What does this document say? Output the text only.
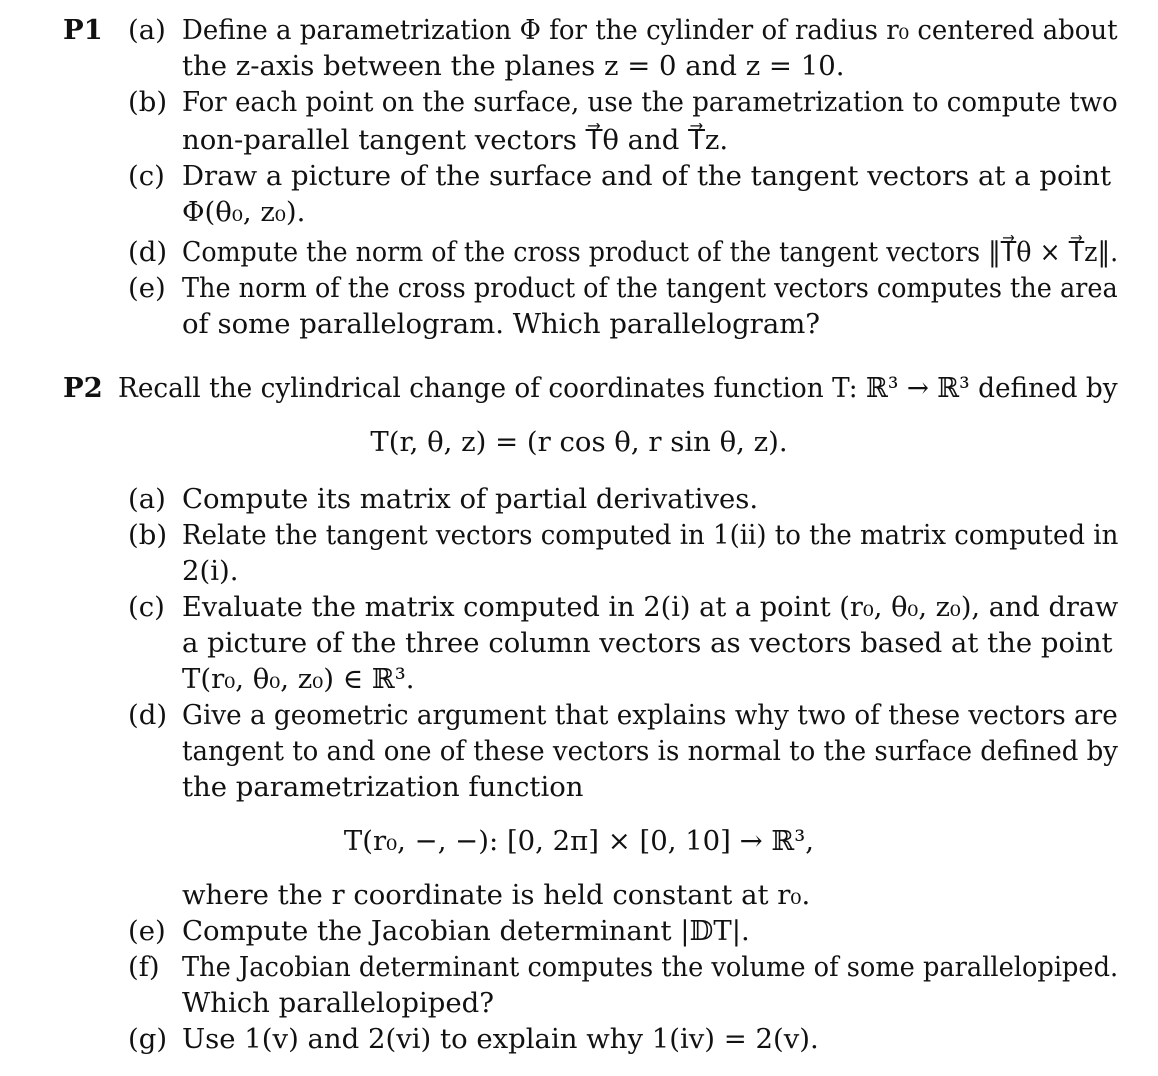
P1 (a) Define a parametrization Φ for the cylinder of radius r₀ centered about
the z-axis between the planes z = 0 and z = 10.
(b) For each point on the surface, use the parametrization to compute two
non-parallel tangent vectors T⃗θ and T⃗z.
(c) Draw a picture of the surface and of the tangent vectors at a point
Φ(θ₀, z₀).
(d) Compute the norm of the cross product of the tangent vectors ‖T⃗θ × T⃗z‖.
(e) The norm of the cross product of the tangent vectors computes the area
of some parallelogram. Which parallelogram?
P2 Recall the cylindrical change of coordinates function T: ℝ³ → ℝ³ defined by
T(r, θ, z) = (r cos θ, r sin θ, z).
(a) Compute its matrix of partial derivatives.
(b) Relate the tangent vectors computed in 1(ii) to the matrix computed in
2(i).
(c) Evaluate the matrix computed in 2(i) at a point (r₀, θ₀, z₀), and draw
a picture of the three column vectors as vectors based at the point
T(r₀, θ₀, z₀) ∈ ℝ³.
(d) Give a geometric argument that explains why two of these vectors are
tangent to and one of these vectors is normal to the surface defined by
the parametrization function
T(r₀, −, −): [0, 2π] × [0, 10] → ℝ³,
where the r coordinate is held constant at r₀.
(e) Compute the Jacobian determinant |𝔻T|.
(f) The Jacobian determinant computes the volume of some parallelopiped.
Which parallelopiped?
(g) Use 1(v) and 2(vi) to explain why 1(iv) = 2(v).
